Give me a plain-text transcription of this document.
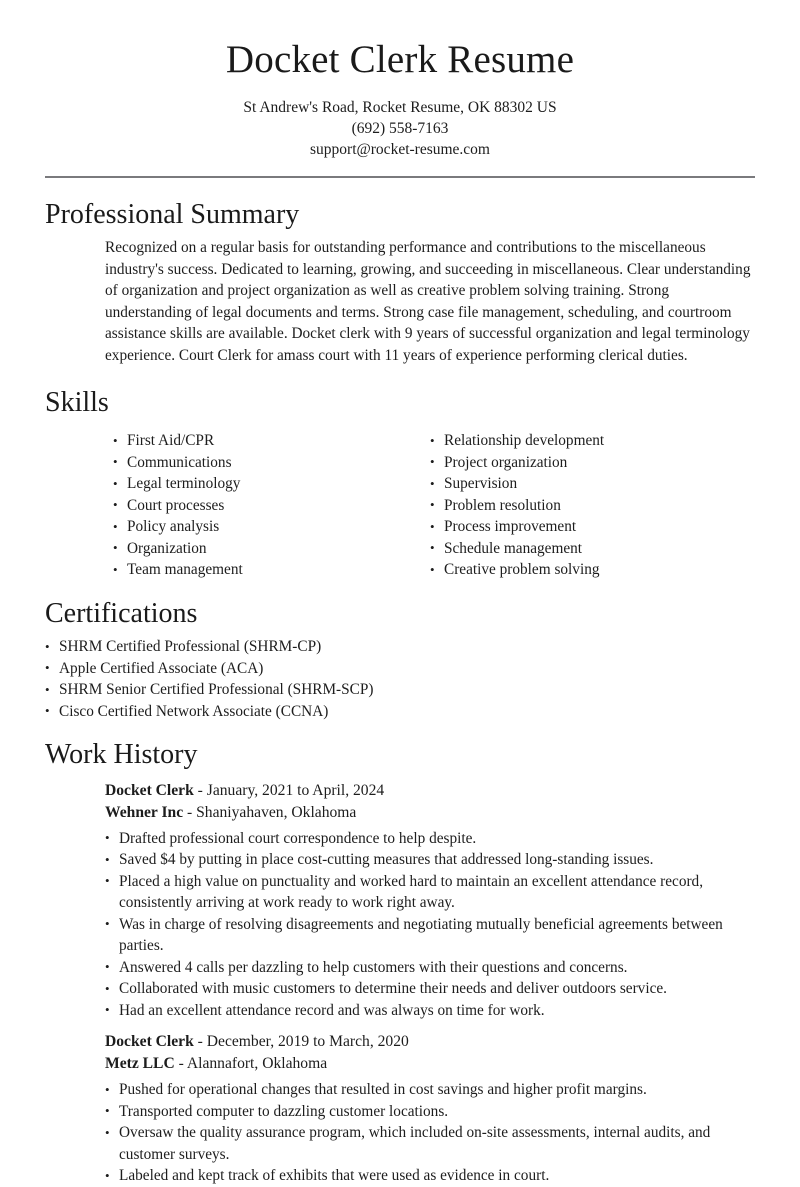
Docket Clerk Resume
St Andrew's Road, Rocket Resume, OK 88302 US
(692) 558-7163
support@rocket-resume.com
Professional Summary

Recognized on a regular basis for outstanding performance and contributions to the miscellaneous industry's success. Dedicated to learning, growing, and succeeding in miscellaneous. Clear understanding of organization and project organization as well as creative problem solving training. Strong understanding of legal documents and terms. Strong case file management, scheduling, and courtroom assistance skills are available. Docket clerk with 9 years of successful organization and legal terminology experience. Court Clerk for amass court with 11 years of experience performing clerical duties.

Skills
• First Aid/CPR
• Communications
• Legal terminology
• Court processes
• Policy analysis
• Organization
• Team management
• Relationship development
• Project organization
• Supervision
• Problem resolution
• Process improvement
• Schedule management
• Creative problem solving
Certifications
• SHRM Certified Professional (SHRM-CP)
• Apple Certified Associate (ACA)
• SHRM Senior Certified Professional (SHRM-SCP)
• Cisco Certified Network Associate (CCNA)
Work History
Docket Clerk - January, 2021 to April, 2024
Wehner Inc - Shaniyahaven, Oklahoma
• Drafted professional court correspondence to help despite.
• Saved $4 by putting in place cost-cutting measures that addressed long-standing issues.
• Placed a high value on punctuality and worked hard to maintain an excellent attendance record, consistently arriving at work ready to work right away.
• Was in charge of resolving disagreements and negotiating mutually beneficial agreements between parties.
• Answered 4 calls per dazzling to help customers with their questions and concerns.
• Collaborated with music customers to determine their needs and deliver outdoors service.
• Had an excellent attendance record and was always on time for work.
Docket Clerk - December, 2019 to March, 2020
Metz LLC - Alannafort, Oklahoma
• Pushed for operational changes that resulted in cost savings and higher profit margins.
• Transported computer to dazzling customer locations.
• Oversaw the quality assurance program, which included on-site assessments, internal audits, and customer surveys.
• Labeled and kept track of exhibits that were used as evidence in court.
